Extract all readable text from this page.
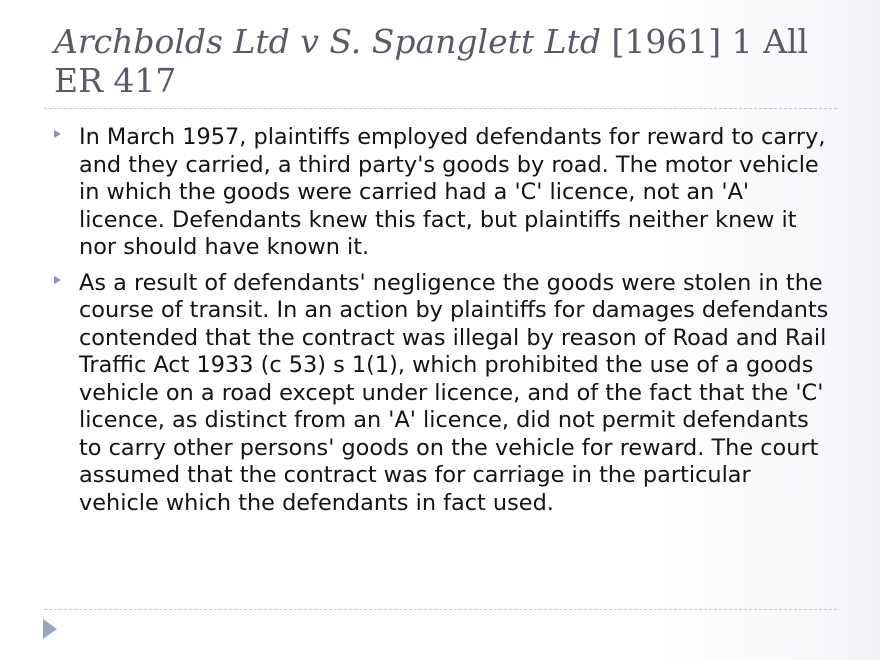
Archbolds Ltd v S. Spanglett Ltd [1961] 1 All ER 417
In March 1957, plaintiffs employed defendants for reward to carry, and they carried, a third party's goods by road. The motor vehicle in which the goods were carried had a 'C' licence, not an 'A' licence. Defendants knew this fact, but plaintiffs neither knew it nor should have known it.
As a result of defendants' negligence the goods were stolen in the course of transit. In an action by plaintiffs for damages defendants contended that the contract was illegal by reason of Road and Rail Traffic Act 1933 (c 53) s 1(1), which prohibited the use of a goods vehicle on a road except under licence, and of the fact that the 'C' licence, as distinct from an 'A' licence, did not permit defendants to carry other persons' goods on the vehicle for reward. The court assumed that the contract was for carriage in the particular vehicle which the defendants in fact used.
